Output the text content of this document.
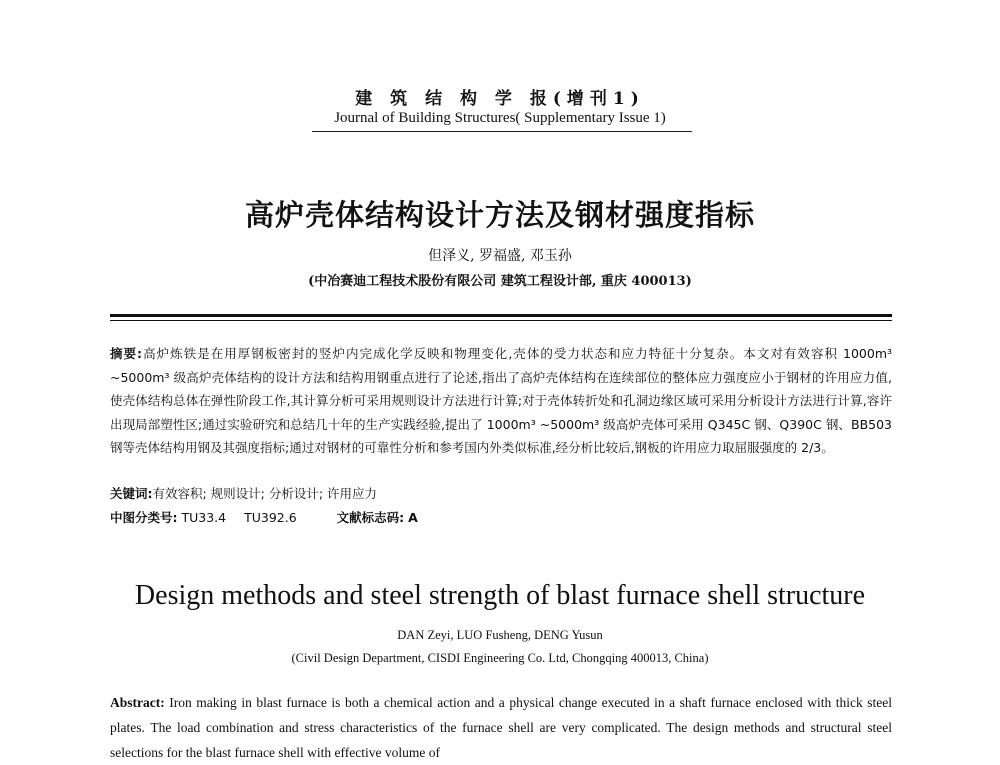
建 筑 结 构 学 报(增刊1)
Journal of Building Structures( Supplementary Issue 1)
高炉壳体结构设计方法及钢材强度指标
但泽义, 罗福盛, 邓玉孙
(中冶赛迪工程技术股份有限公司 建筑工程设计部, 重庆 400013)
摘要:高炉炼铁是在用厚钢板密封的竖炉内完成化学反映和物理变化,壳体的受力状态和应力特征十分复杂。本文对有效容积 1000m³ ~5000m³ 级高炉壳体结构的设计方法和结构用钢重点进行了论述,指出了高炉壳体结构在连续部位的整体应力强度应小于钢材的许用应力值,使壳体结构总体在弹性阶段工作,其计算分析可采用规则设计方法进行计算;对于壳体转折处和孔洞边缘区域可采用分析设计方法进行计算,容许出现局部塑性区;通过实验研究和总结几十年的生产实践经验,提出了 1000m³ ~5000m³ 级高炉壳体可采用 Q345C 钢、Q390C 钢、BB503 钢等壳体结构用钢及其强度指标;通过对钢材的可靠性分析和参考国内外类似标准,经分析比较后,钢板的许用应力取屈服强度的 2/3。
关键词:有效容积; 规则设计; 分析设计; 许用应力
中图分类号: TU33.4 TU392.6	文献标志码: A
Design methods and steel strength of blast furnace shell structure
DAN Zeyi, LUO Fusheng, DENG Yusun
(Civil Design Department, CISDI Engineering Co. Ltd, Chongqing 400013, China)
Abstract: Iron making in blast furnace is both a chemical action and a physical change executed in a shaft furnace enclosed with thick steel plates. The load combination and stress characteristics of the furnace shell are very complicated. The design methods and structural steel selections for the blast furnace shell with effective volume of
